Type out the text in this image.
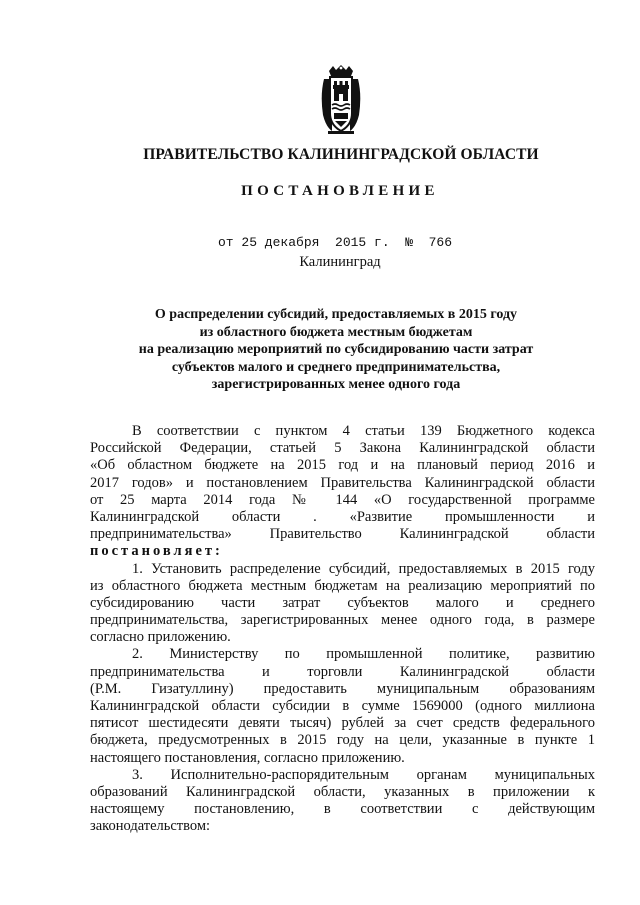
ПРАВИТЕЛЬСТВО КАЛИНИНГРАДСКОЙ ОБЛАСТИ
ПОСТАНОВЛЕНИЕ
от 25 декабря  2015 г.  №  766
Калининград
О распределении субсидий, предоставляемых в 2015 году
из областного бюджета местным бюджетам
на реализацию мероприятий по субсидированию части затрат
субъектов малого и среднего предпринимательства,
зарегистрированных менее одного года
В соответствии с пунктом 4 статьи 139 Бюджетного кодекса
Российской Федерации, статьей 5 Закона Калининградской области
«Об областном бюджете на 2015 год и на плановый период 2016 и
2017 годов» и постановлением Правительства Калининградской области
от 25 марта 2014 года № 144 «О государственной программе
Калининградской области . «Развитие промышленности и
предпринимательства» Правительство Калининградской области
постановляет:
1. Установить распределение субсидий, предоставляемых в 2015 году
из областного бюджета местным бюджетам на реализацию мероприятий по
субсидированию части затрат субъектов малого и среднего
предпринимательства, зарегистрированных менее одного года, в размере
согласно приложению.
2. Министерству по промышленной политике, развитию
предпринимательства и торговли Калининградской области
(Р.М. Гизатуллину) предоставить муниципальным образованиям
Калининградской области субсидии в сумме 1569000 (одного миллиона
пятисот шестидесяти девяти тысяч) рублей за счет средств федерального
бюджета, предусмотренных в 2015 году на цели, указанные в пункте 1
настоящего постановления, согласно приложению.
3. Исполнительно-распорядительным органам муниципальных
образований Калининградской области, указанных в приложении к
настоящему постановлению, в соответствии с действующим
законодательством:
